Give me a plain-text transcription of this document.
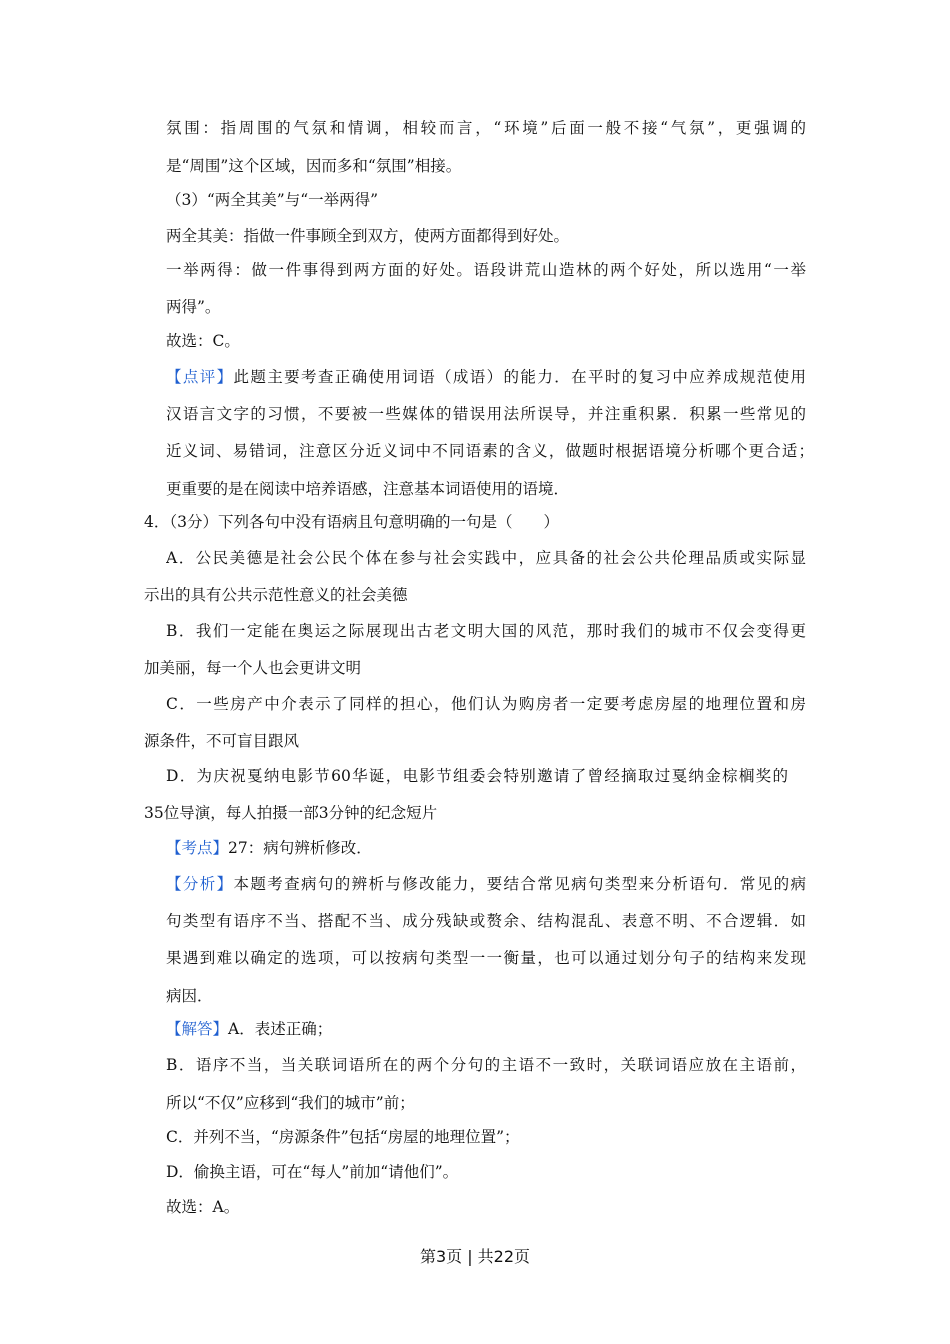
氛围：指周围的气氛和情调，相较而言，“环境”后面一般不接“气氛”，更强调的
是“周围”这个区域，因而多和“氛围”相接。
（3）“两全其美”与“一举两得”
两全其美：指做一件事顾全到双方，使两方面都得到好处。
一举两得：做一件事得到两方面的好处。语段讲荒山造林的两个好处，所以选用“一举
两得”。
故选：C。
【点评】此题主要考查正确使用词语（成语）的能力．在平时的复习中应养成规范使用
汉语言文字的习惯，不要被一些媒体的错误用法所误导，并注重积累．积累一些常见的
近义词、易错词，注意区分近义词中不同语素的含义，做题时根据语境分析哪个更合适；
更重要的是在阅读中培养语感，注意基本词语使用的语境．
4．（3分）下列各句中没有语病且句意明确的一句是（　　）
A．公民美德是社会公民个体在参与社会实践中，应具备的社会公共伦理品质或实际显
示出的具有公共示范性意义的社会美德
B．我们一定能在奥运之际展现出古老文明大国的风范，那时我们的城市不仅会变得更
加美丽，每一个人也会更讲文明
C．一些房产中介表示了同样的担心，他们认为购房者一定要考虑房屋的地理位置和房
源条件，不可盲目跟风
D．为庆祝戛纳电影节60华诞，电影节组委会特别邀请了曾经摘取过戛纳金棕榈奖的
35位导演，每人拍摄一部3分钟的纪念短片
【考点】27：病句辨析修改．
【分析】本题考查病句的辨析与修改能力，要结合常见病句类型来分析语句．常见的病
句类型有语序不当、搭配不当、成分残缺或赘余、结构混乱、表意不明、不合逻辑．如
果遇到难以确定的选项，可以按病句类型一一衡量，也可以通过划分句子的结构来发现
病因．
【解答】A．表述正确；
B．语序不当，当关联词语所在的两个分句的主语不一致时，关联词语应放在主语前，
所以“不仅”应移到“我们的城市”前；
C．并列不当，“房源条件”包括“房屋的地理位置”；
D．偷换主语，可在“每人”前加“请他们”。
故选：A。
第3页 | 共22页
